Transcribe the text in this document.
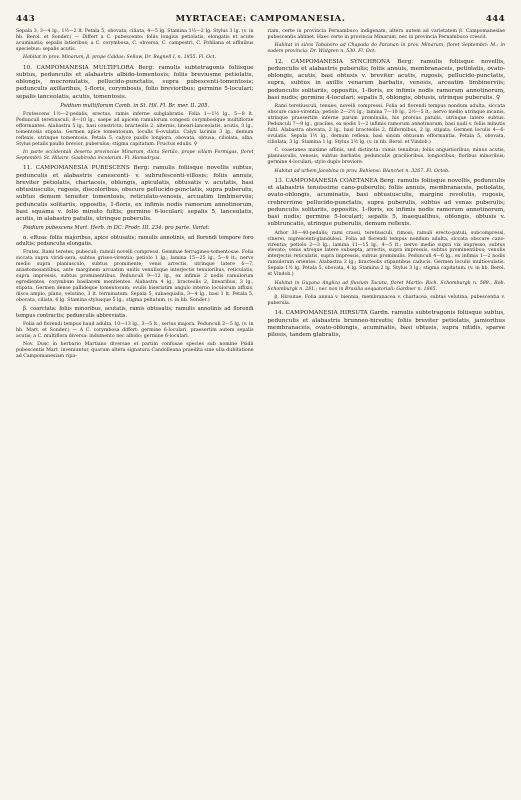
443	MYRTACEAE: CAMPOMANESIA.	444

Sepala 3, 3—4 lg., 1½—2 lt. Petala 5, obovata, ciliata, 4—5 lg. Stamina 1½—2 lg. Stylus 3 lg. (v. in hb. Berol. et Sonder.) — Differt a C. pubescente: foliis longius petiolatis, elongatis et acute acuminatis; sepalis latioribus; a C. corymbosa, C. obversa, C. campestri, C. Pohliana et affinibus speciebus: sepalis acutis.

Habitat in prov. Minarum, β. prope Caldas: Sellow, Dr. Regnell I, n. 1855. Fl. Oct.

10. CAMPOMANESIA MULTIFLORA Berg: ramulis subtetragonis foliisque subtus, pedunculis et alabastris albido-tomentosis; foliis breviusme petiolatis, oblongis, mucronulatis, pellucido-punctatis, supra pubescenti-tomentosis; pedunculis axillaribus, 1-floris, corymbosis, folio brevioribus; germine 5-loculari; sepalis lanceolatis, acutis, tomentosis.

Psidium multiflorum Camb. in St. Hil. Fl. Br. mer. II. 205.

Frutescens 1½—2-pedalis, erectus, ramis inferne subglabratis. Folia 1—1½ lg., 5—8 lt. Pedunculi teretiusculi, 8—10 lg., saepe ad apicem ramulorum congesti corymbosique multiflorae efformantes. Alabastra 5 lg., basi constricta, bracteolis 2, alternis, lineari-lanceolatis, acutis, 3 lg., tomentosis stipata. Germen apice tomentosum, loculis 8-ovulatis. Calyx laciniis 3 lg., demum reflexis, utrinque tomentosis. Petala 5, calyce paullo longiora, obovata, obtusa, ciliolata, alba. Stylus petalis paullo brevior, puberulus; stigma capitatum. Fructus edulis. ♀

In parte occidentali deserta provinciae Minarum, dicta Sertão, prope villam Formigas, floret Septembri: St. Hilaire. Gaabiroba incolarum. Fl. Hamadryas.

11. CAMPOMANESIA PUBESCENS Berg: ramulis foliisque novellis subtus, pedunculis et alabastris canescenti- v. subrufescenti-villosis; foliis annuis, breviter petiolatis, chartaceis, oblongis, apiculatis, obtusatis v. acutatis, basi obtusiusculis, rugosis, discoloribus, obscure pellucido-punctatis, supra puberulis, subtus demum tenuiter tomentosis, reticulato-venosis, arcuatim limbinerviis; pedunculis solitariis, oppositis, 1-floris, ex infimis nodis ramorum annotinorum, basi squama v. folio minuto fultis; germine 6-loculari; sepalis 5, lanceolatis, acutis, in alabastro patulis, utrinque puberulis.

Psidium pubescens Mart. Herb. in DC. Prodr. III. 234. pro parte. Variat:

α. effusa: foliis majoribus, apice obtusatis; ramulis annotinis, ad florendi tempore foro adultis; pedunculis elongatis.

Frutex. Rami teretes, pubeculi; ramuli novelli compressi. Gemmae ferrugineo-tomentosae. Folia siccata supra viridi-aera, subtus griseo-virentia; petiolo 1 lg.; lamina 15—25 lg., 5—8 lt.; nervo medio supra planiusculo, subtus prominente; venis arrectis, utrinque latere 6—7, anastomosantibus, ante marginem arcuatim unitis venulisque interjectis tenuioribus, reticulatis, supra impressis, subtus prominentibus. Pedunculi 9—12 lg., ex infimis 2 nodis ramulorum egredientes, corymbum basilarem mentientes. Alabastra 4 lg., bracteolis 2, linearibus, 3 lg., stipata. Germen dense pallideque tomentosum; ovulis biseriatim angulo interno loculorum affixis, disco amplo, plano, velutino, 3 lt. terminatum. Sepala 5, subaequalia, 3—4 lg., basi 1 lt. Petala 5, obovata, ciliata, 6 lg. Stamina stylusque 5 lg.; stigma peltatum. (v. in hb. Sonder.)

β. coarctata: foliis minoribus, acutatis, ramis obtusatis; ramulis annotinis ad florendi tempus contractis; pedunculis abbreviatis.

Folia ad florendi tempus haud adulta, 10—13 lg., 3—5 lt., serius majora. Pedunculi 2—5 lg. (v. in hb. Mart. et Sonder.) — A C. corymbosa differt: germine 6-loculari, praesertim autem sepalis acutis; a C. multiflora diversa: indumento nec albido; germine 6-loculari.

Nov. Dusc in herbario Martiano diversae et partim confusae species sub nomine Psidii pubescentis Mart. inveniuntur, quarum altera signatura Candolleana praedita sine ulla dubitatione ad Campomanesiam ripa-

riam, certe in provincia Pernambuco indigenam, altera autem ad varietatem β. Campomanesiae pubescentis ablinet. Haec certe in provincia Minarum, nec in provincia Pernambuco crescit.

Habitat in silvis Tabuleiro ad Chapada do Paranan in prov. Minarum, floret Septembri: M.; in eadem provincia: Dr. Widgren n. 530. Fl. Oct.

12. CAMPOMANESIA SYNCHRONA Berg: ramulis foliisque novellis, pedunculis et alabastris puberulis; foliis annuis, membranaceis, petiolatis, ovato-oblongis, acutis, basi obtusis v. breviter acutis, rugosis, pellucido-punctatis, supra, subtus in axillis venarum barbatis, venosis, arcuatim limbinerviis; pedunculis solitariis, oppositis, 1-floris, ex infimis nodis ramorum annotinorum, basi nudis; germine 4-loculari; sepalis 5, oblongis, obtusis, utrinque puberulis. ♀

Rami teretiusculi, tenues; novelli compressi. Folia ad florendi tempus nondum adulta, siccata obscure cano-virentia; petiolo 2—2½ lg.; lamina 7—10 lg., 2½—5 lt.; nervo medio utrinque incanis, utrinque praesertim inferne parum prominulis, his prorsus patulis, utrinque latere subtus. Pedunculi 7—9 lg., graciles, ex nodis 1—2 infimis ramorum annotinorum, basi nudi v. foliis minutis fulti. Alabastra obovata, 2 lg., basi bracteolis 2, filiformibus, 2 lg. stipata. Germen loculis 4—6-ovulatis. Sepala 1½ lg., demum reflexa, basi sinum obtusum efformantia. Petala 5, obovata, ciliolata, 3 lg. Stamina 1 lg. Stylus 1½ lg. (v. in hb. Berol. et Vindob.)

C. coaetanea maxime affinis, sed distincta: ramis tenuibus; foliis angustioribus; minus acutis, planiusculis, venosis, subtus barbatis; pedunculis gracilioribus, longioribus; floribus minoribus; germine 4-loculari; stylo duplo breviore.

Habitat ad urbem Jacobina in prov. Bahiensi: Blanchet n. 3267. Fl. Octob.

13. CAMPOMANESIA COAETANEA Berg: ramulis foliisque novellis, pedunculis et alabastris tenuissime cano-puberulis; foliis annuis, membranaceis, petiolatis, ovato-oblongis, acuminatis, basi obtusiusculis, margine revolutis, rugosis, crebrerrime pellucido-punctatis, supra puberulis, subtus ad venas puberulis; pedunculis solitariis, oppositis, 1-floris, ex infimis nodis ramorum annotinorum, basi nudis; germine 5-loculari; sepalis 5, inaequalibus, oblongis, obtusis v. subtruncatis, utrinque puberulis, demum reflexis.

Arbor 30—40-pedalis; rami crassi, teretiusculi, rimosi; ramuli erecto-patuli, subcompressi, cinerei, nigrescenti-glandulosi. Folia ad florendi tempus nondum adulta, siccata obscure cano-virentia; petiolo 2—3 lg.; lamina 11—15 lg., 4—5 lt.; nervo medio supra vix impresso, subtus elevato; venis utroque latere subsepta, arrectis, supra impressis, subtus prominentibus; venulis interjectis reticulatis, supra impressis, subtus prominulis. Pedunculi 4—6 lg., ex infimis 1—2 nodis ramulorum orientes. Alabastra 2 lg.; bracteolis stipantibus caducis. Germen loculis multiovulatis. Sepala 1½ lg. Petala 5, obovata, 4 lg. Stamina 2 lg. Stylus 3 lg.; stigma capitatum. (v. in hb. Berol. et Vindob.)

Habitat in Guyana Anglica ad fluvium Tacutu, floret Martio: Rich. Schomburgk n. 588., Rob. Schomburgk n. 281.; nec non in Brasilia aequatoriali: Gardner n. 1865.

β. Hirsutae. Folia annua v. biennia, membranacea v. chartacea, subtus velutina, pubescentia v. puberula.

14. CAMPOMANESIA HIRSUTA Gardn. ramulis subtetragonis foliisque subtus, pedunculis et alabastris brunneo-hirsutis; foliis breviter petiolatis, jamiorihus membranaceis, ovato-oblongis, acuminatis, basi obtusis, supra nitidis, sparse pilosis, tandem glabratis,
